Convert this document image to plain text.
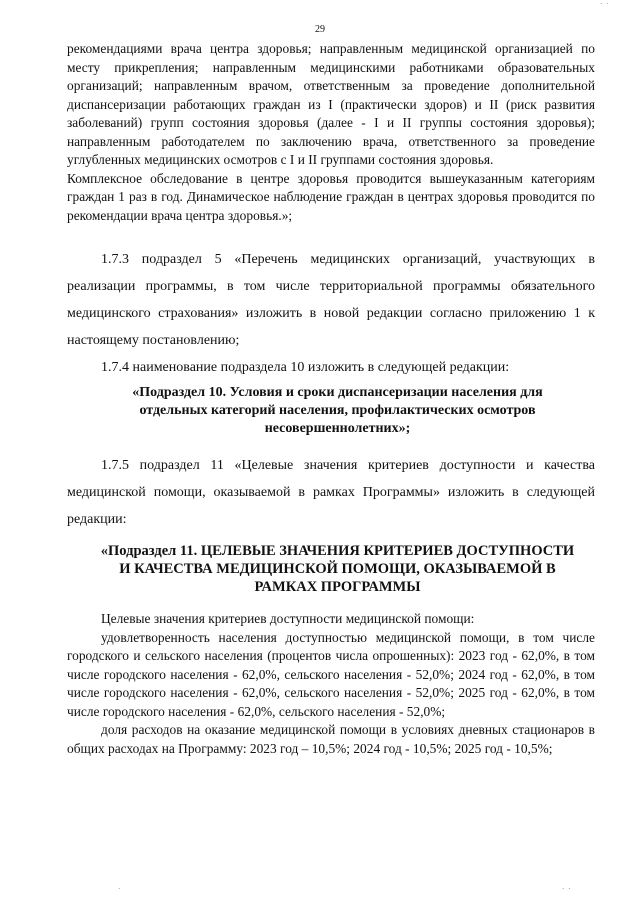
29

рекомендациями врача центра здоровья; направленным медицинской организацией по месту прикрепления; направленным медицинскими работниками образовательных организаций; направленным врачом, ответственным за проведение дополнительной диспансеризации работающих граждан из I (практически здоров) и II (риск развития заболеваний) групп состояния здоровья (далее - I и II группы состояния здоровья); направленным работодателем по заключению врача, ответственного за проведение углубленных медицинских осмотров с I и II группами состояния здоровья.

Комплексное обследование в центре здоровья проводится вышеуказанным категориям граждан 1 раз в год. Динамическое наблюдение граждан в центрах здоровья проводится по рекомендации врача центра здоровья.»;

1.7.3 подраздел 5 «Перечень медицинских организаций, участвующих в реализации программы, в том числе территориальной программы обязательного медицинского страхования» изложить в новой редакции согласно приложению 1 к настоящему постановлению;

1.7.4 наименование подраздела 10 изложить в следующей редакции:

«Подраздел 10. Условия и сроки диспансеризации населения для отдельных категорий населения, профилактических осмотров несовершеннолетних»;

1.7.5 подраздел 11 «Целевые значения критериев доступности и качества медицинской помощи, оказываемой в рамках Программы» изложить в следующей редакции:

«Подраздел 11. ЦЕЛЕВЫЕ ЗНАЧЕНИЯ КРИТЕРИЕВ ДОСТУПНОСТИ И КАЧЕСТВА МЕДИЦИНСКОЙ ПОМОЩИ, ОКАЗЫВАЕМОЙ В РАМКАХ ПРОГРАММЫ

Целевые значения критериев доступности медицинской помощи:

удовлетворенность населения доступностью медицинской помощи, в том числе городского и сельского населения (процентов числа опрошенных): 2023 год - 62,0%, в том числе городского населения - 62,0%, сельского населения - 52,0%; 2024 год - 62,0%, в том числе городского населения - 62,0%, сельского населения - 52,0%; 2025 год - 62,0%, в том числе городского населения - 62,0%, сельского населения - 52,0%;

доля расходов на оказание медицинской помощи в условиях дневных стационаров в общих расходах на Программу: 2023 год – 10,5%; 2024 год - 10,5%; 2025 год - 10,5%;

·	· ·
· ·
